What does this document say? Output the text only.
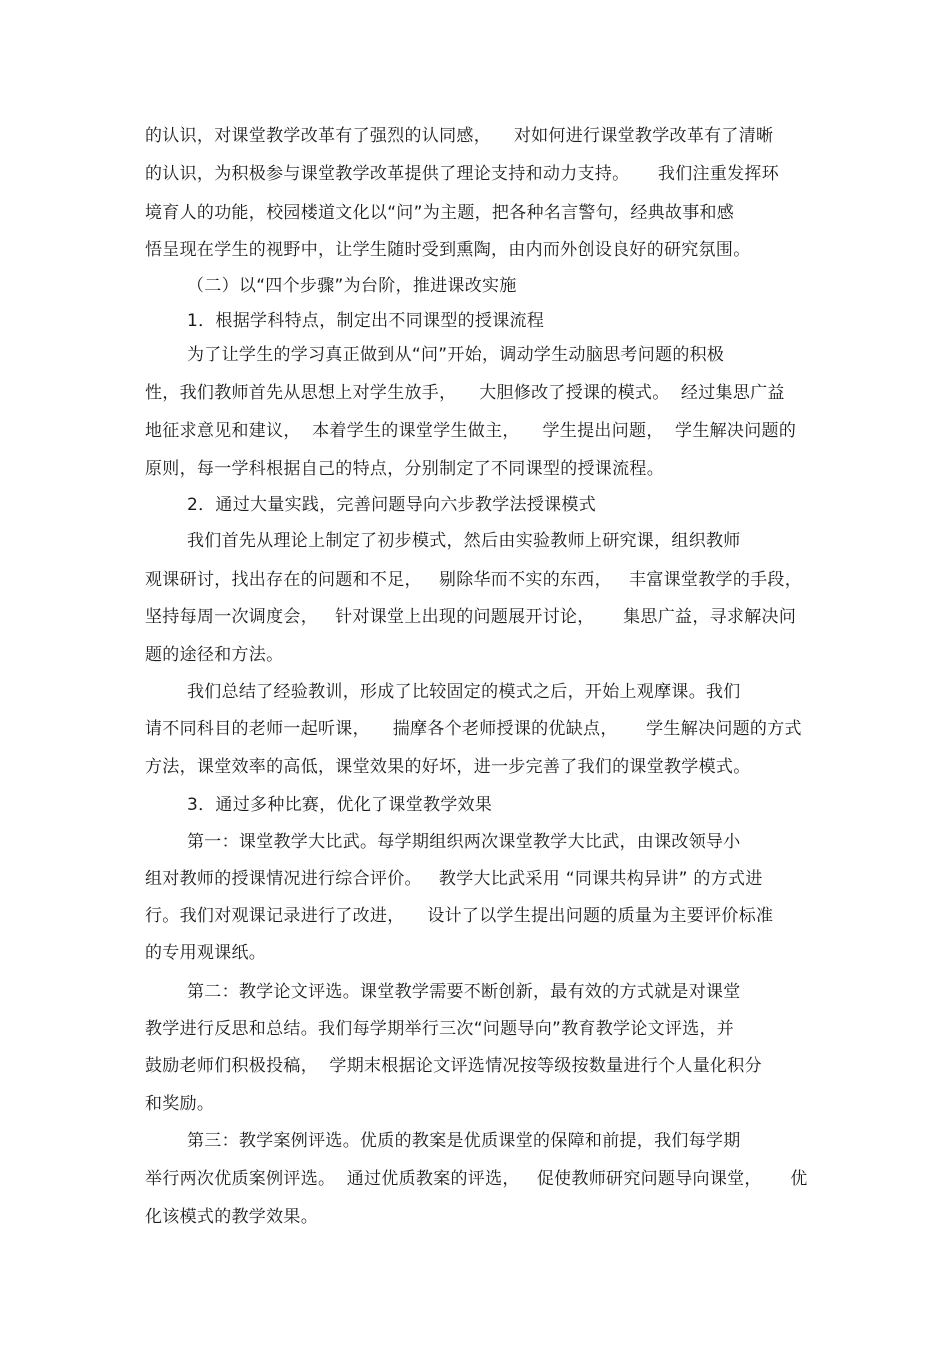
的认识，对课堂教学改革有了强烈的认同感，    对如何进行课堂教学改革有了清晰
的认识，为积极参与课堂教学改革提供了理论支持和动力支持。     我们注重发挥环
境育人的功能，校园楼道文化以“问”为主题，把各种名言警句，经典故事和感
悟呈现在学生的视野中，让学生随时受到熏陶，由内而外创设良好的研究氛围。
（二）以“四个步骤”为台阶，推进课改实施
1．根据学科特点，制定出不同课型的授课流程
为了让学生的学习真正做到从“问”开始，调动学生动脑思考问题的积极
性，我们教师首先从思想上对学生放手，    大胆修改了授课的模式。  经过集思广益
地征求意见和建议，  本着学生的课堂学生做主，    学生提出问题，  学生解决问题的
原则，每一学科根据自己的特点，分别制定了不同课型的授课流程。
2．通过大量实践，完善问题导向六步教学法授课模式
我们首先从理论上制定了初步模式，然后由实验教师上研究课，组织教师
观课研讨，找出存在的问题和不足，   剔除华而不实的东西，   丰富课堂教学的手段，
坚持每周一次调度会，   针对课堂上出现的问题展开讨论，     集思广益，寻求解决问
题的途径和方法。
我们总结了经验教训，形成了比较固定的模式之后，开始上观摩课。我们
请不同科目的老师一起听课，    揣摩各个老师授课的优缺点，     学生解决问题的方式
方法，课堂效率的高低，课堂效果的好坏，进一步完善了我们的课堂教学模式。
3．通过多种比赛，优化了课堂教学效果
第一：课堂教学大比武。每学期组织两次课堂教学大比武，由课改领导小
组对教师的授课情况进行综合评价。   教学大比武采用 “同课共构异讲” 的方式进
行。我们对观课记录进行了改进，    设计了以学生提出问题的质量为主要评价标准
的专用观课纸。
第二：教学论文评选。课堂教学需要不断创新，最有效的方式就是对课堂
教学进行反思和总结。我们每学期举行三次“问题导向”教育教学论文评选，并
鼓励老师们积极投稿，  学期末根据论文评选情况按等级按数量进行个人量化积分
和奖励。
第三：教学案例评选。优质的教案是优质课堂的保障和前提，我们每学期
举行两次优质案例评选。  通过优质教案的评选，   促使教师研究问题导向课堂，     优
化该模式的教学效果。
